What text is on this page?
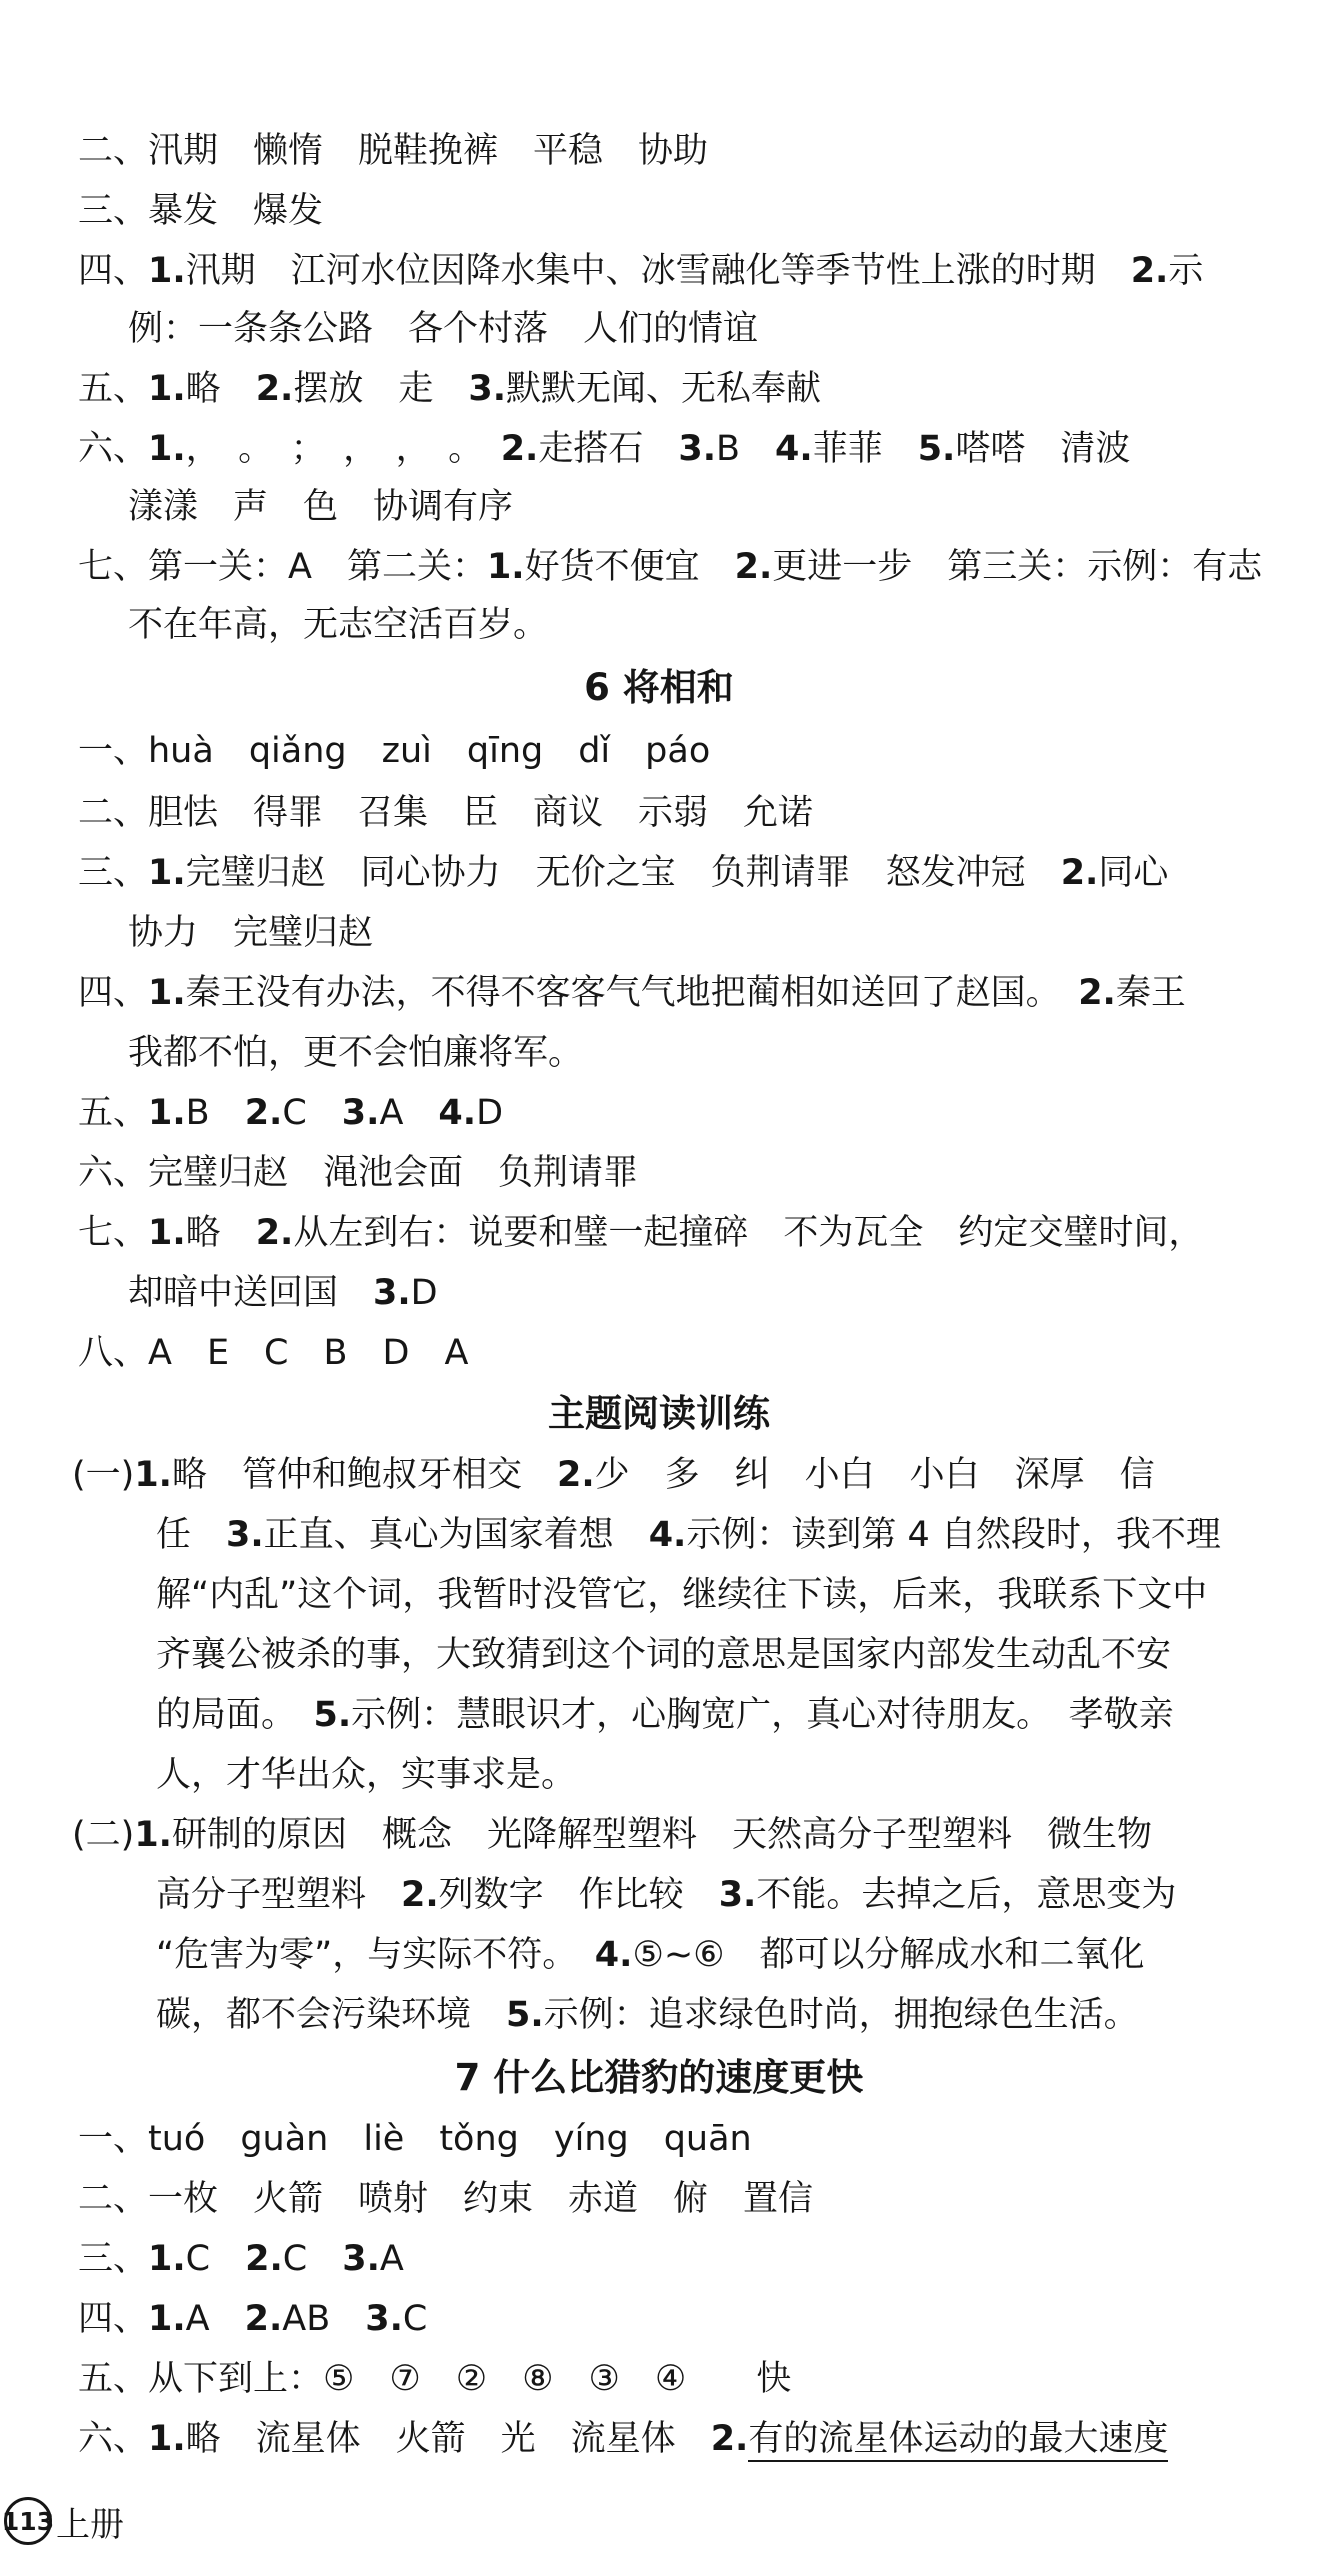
二、汛期　懒惰　脱鞋挽裤　平稳　协助
三、暴发　爆发
四、1.汛期　江河水位因降水集中、冰雪融化等季节性上涨的时期　2.示
例：一条条公路　各个村落　人们的情谊
五、1.略　2.摆放　走　3.默默无闻、无私奉献
六、1.，　。　；　，　，　。　2.走搭石　3.B　4.菲菲　5.嗒嗒　清波
漾漾　声　色　协调有序
七、第一关：A　第二关：1.好货不便宜　2.更进一步　第三关：示例：有志
不在年高，无志空活百岁。
6 将相和
一、huà　qiǎng　zuì　qīng　dǐ　páo
二、胆怯　得罪　召集　臣　商议　示弱　允诺
三、1.完璧归赵　同心协力　无价之宝　负荆请罪　怒发冲冠　2.同心
协力　完璧归赵
四、1.秦王没有办法，不得不客客气气地把蔺相如送回了赵国。　2.秦王
我都不怕，更不会怕廉将军。
五、1.B　2.C　3.A　4.D
六、完璧归赵　渑池会面　负荆请罪
七、1.略　2.从左到右：说要和璧一起撞碎　不为瓦全　约定交璧时间，
却暗中送回国　3.D
八、A　E　C　B　D　A
主题阅读训练
(一)1.略　管仲和鲍叔牙相交　2.少　多　纠　小白　小白　深厚　信
任　3.正直、真心为国家着想　4.示例：读到第 4 自然段时，我不理
解“内乱”这个词，我暂时没管它，继续往下读，后来，我联系下文中
齐襄公被杀的事，大致猜到这个词的意思是国家内部发生动乱不安
的局面。　5.示例：慧眼识才，心胸宽广，真心对待朋友。　孝敬亲
人，才华出众，实事求是。
(二)1.研制的原因　概念　光降解型塑料　天然高分子型塑料　微生物
高分子型塑料　2.列数字　作比较　3.不能。去掉之后，意思变为
“危害为零”，与实际不符。　4.⑤~⑥　都可以分解成水和二氧化
碳，都不会污染环境　5.示例：追求绿色时尚，拥抱绿色生活。
7 什么比猎豹的速度更快
一、tuó　guàn　liè　tǒng　yíng　quān
二、一枚　火箭　喷射　约束　赤道　俯　置信
三、1.C　2.C　3.A
四、1.A　2.AB　3.C
五、从下到上：⑤　⑦　②　⑧　③　④　　快
六、1.略　流星体　火箭　光　流星体　2.有的流星体运动的最大速度
113 上册
